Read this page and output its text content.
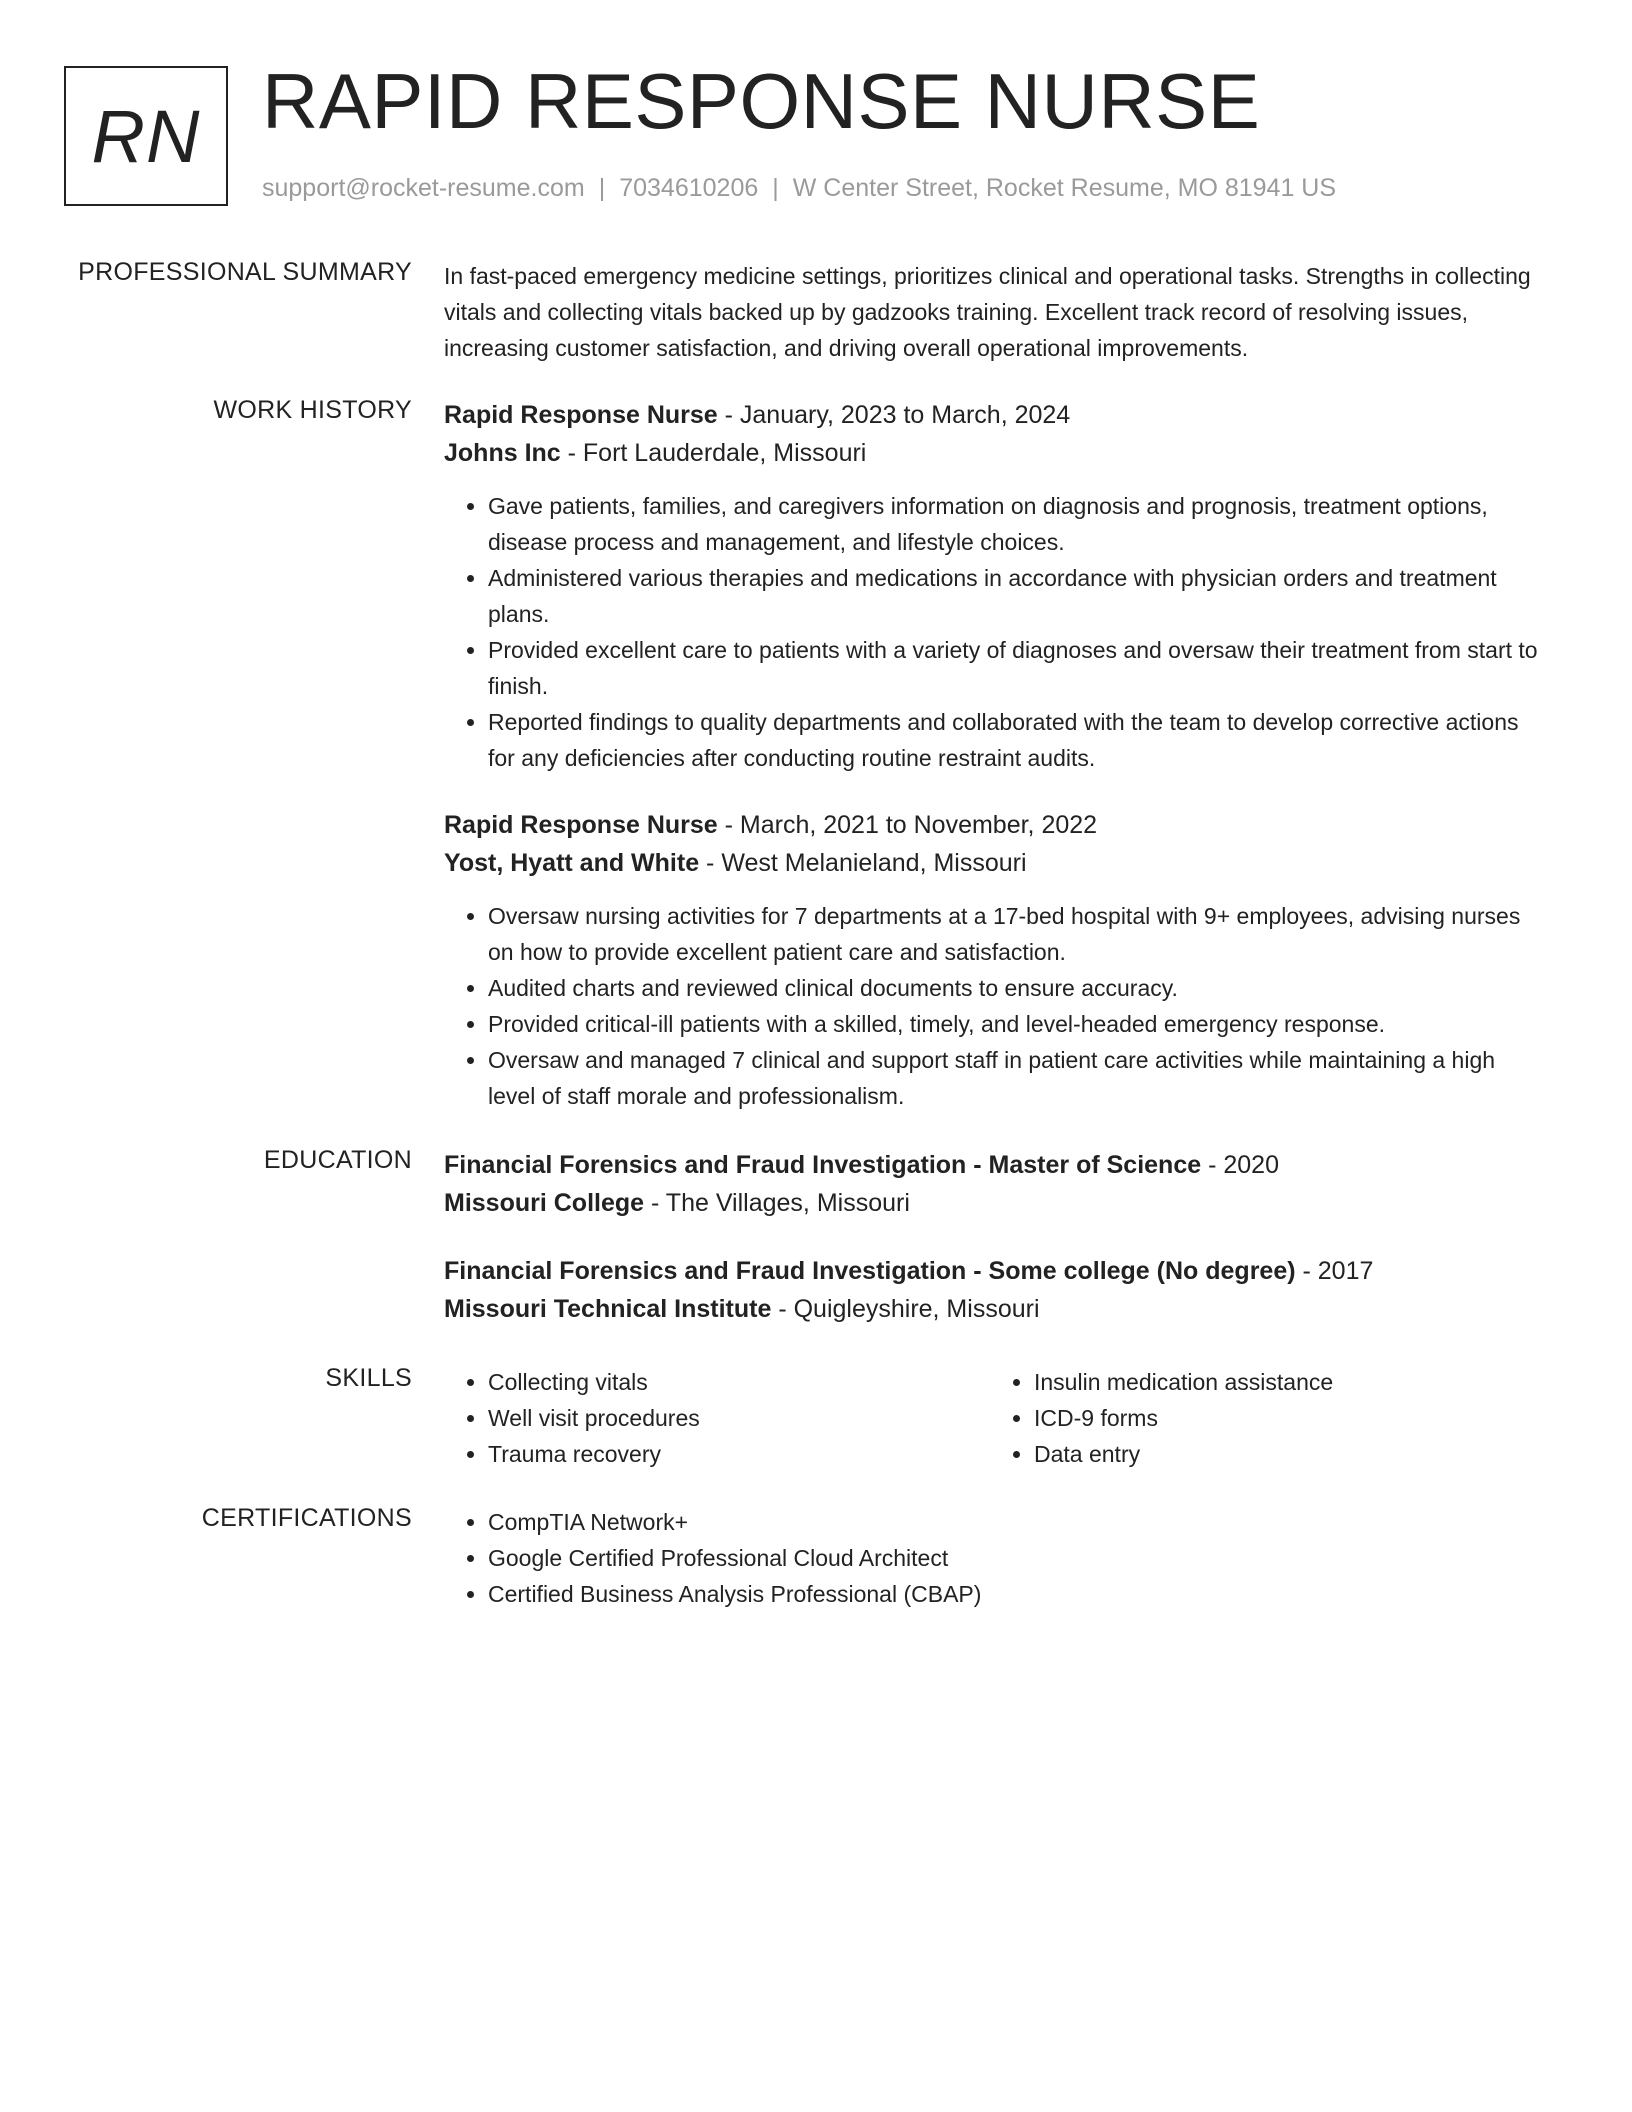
RN RAPID RESPONSE NURSE
support@rocket-resume.com | 7034610206 | W Center Street, Rocket Resume, MO 81941 US
PROFESSIONAL SUMMARY In fast-paced emergency medicine settings, prioritizes clinical and operational tasks. Strengths in collecting vitals and collecting vitals backed up by gadzooks training. Excellent track record of resolving issues, increasing customer satisfaction, and driving overall operational improvements.

WORK HISTORY Rapid Response Nurse - January, 2023 to March, 2024
Johns Inc - Fort Lauderdale, Missouri
• Gave patients, families, and caregivers information on diagnosis and prognosis, treatment options, disease process and management, and lifestyle choices.
• Administered various therapies and medications in accordance with physician orders and treatment plans.
• Provided excellent care to patients with a variety of diagnoses and oversaw their treatment from start to finish.
• Reported findings to quality departments and collaborated with the team to develop corrective actions for any deficiencies after conducting routine restraint audits.
Rapid Response Nurse - March, 2021 to November, 2022
Yost, Hyatt and White - West Melanieland, Missouri
• Oversaw nursing activities for 7 departments at a 17-bed hospital with 9+ employees, advising nurses on how to provide excellent patient care and satisfaction.
• Audited charts and reviewed clinical documents to ensure accuracy.
• Provided critical-ill patients with a skilled, timely, and level-headed emergency response.
• Oversaw and managed 7 clinical and support staff in patient care activities while maintaining a high level of staff morale and professionalism.
EDUCATION Financial Forensics and Fraud Investigation - Master of Science - 2020
Missouri College - The Villages, Missouri
Financial Forensics and Fraud Investigation - Some college (No degree) - 2017
Missouri Technical Institute - Quigleyshire, Missouri
SKILLS	• Collecting vitals
• Well visit procedures
• Trauma recovery
• Insulin medication assistance
• ICD-9 forms
• Data entry
CERTIFICATIONS	• CompTIA Network+
• Google Certified Professional Cloud Architect
• Certified Business Analysis Professional (CBAP)
